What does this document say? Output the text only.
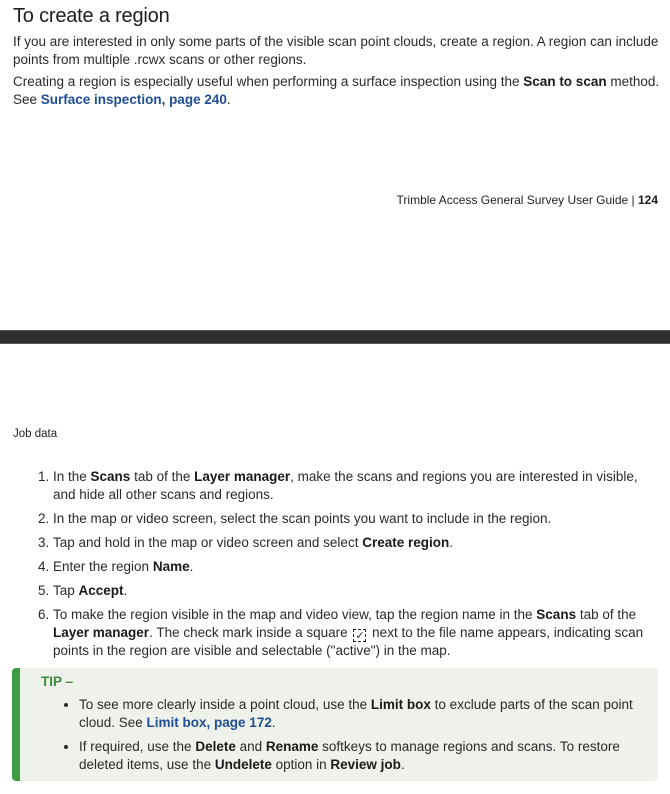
To create a region
If you are interested in only some parts of the visible scan point clouds, create a region. A region can include points from multiple .rcwx scans or other regions.
Creating a region is especially useful when performing a surface inspection using the Scan to scan method.
See Surface inspection, page 240.
Trimble Access General Survey User Guide | 124
Job data
1. In the Scans tab of the Layer manager, make the scans and regions you are interested in visible, and hide all other scans and regions.
2. In the map or video screen, select the scan points you want to include in the region.
3. Tap and hold in the map or video screen and select Create region.
4. Enter the region Name.
5. Tap Accept.
6. To make the region visible in the map and video view, tap the region name in the Scans tab of the Layer manager. The check mark inside a square ✓ next to the file name appears, indicating scan points in the region are visible and selectable ("active") in the map.
TIP –
• To see more clearly inside a point cloud, use the Limit box to exclude parts of the scan point cloud. See Limit box, page 172.
• If required, use the Delete and Rename softkeys to manage regions and scans. To restore deleted items, use the Undelete option in Review job.
